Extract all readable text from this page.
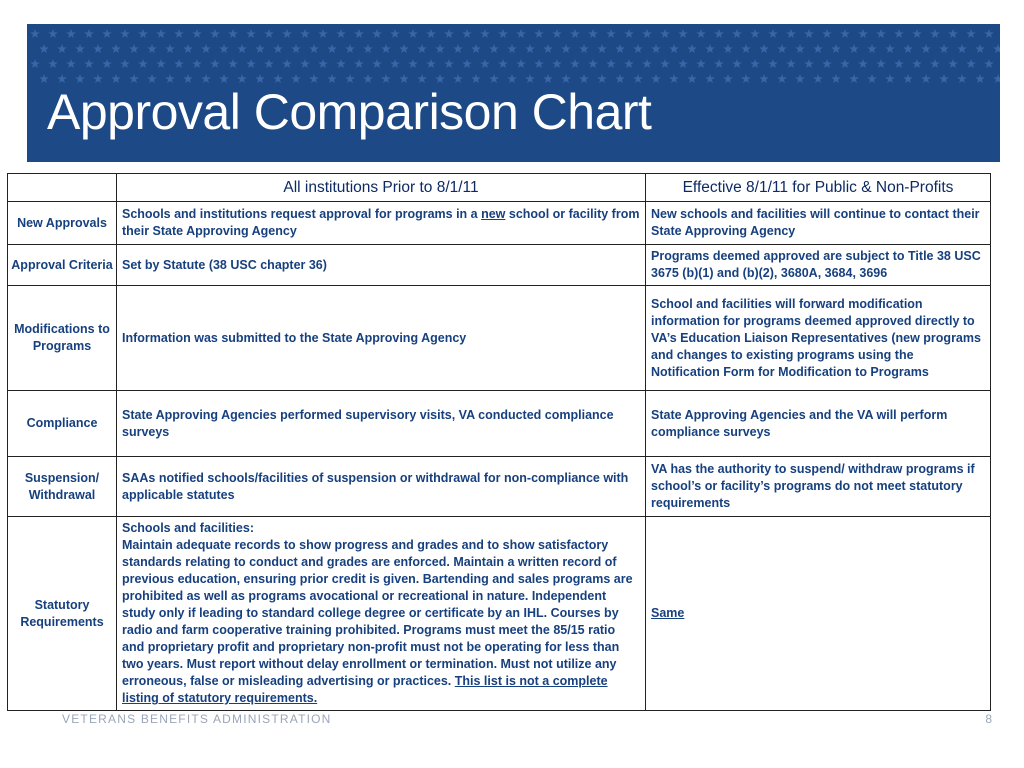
Approval Comparison Chart
	All institutions Prior to 8/1/11	Effective 8/1/11 for Public & Non-Profits
New Approvals	Schools and institutions request approval for programs in a new school or facility from their State Approving Agency	New schools and facilities will continue to contact their State Approving Agency
Approval Criteria	Set by Statute (38 USC chapter 36)	Programs deemed approved are subject to Title 38 USC 3675 (b)(1) and (b)(2), 3680A, 3684, 3696
Modifications to Programs	Information was submitted to the State Approving Agency	School and facilities will forward modification information for programs deemed approved directly to VA’s Education Liaison Representatives (new programs and changes to existing programs using the Notification Form for Modification to Programs
Compliance	State Approving Agencies performed supervisory visits, VA conducted compliance surveys	State Approving Agencies and the VA will perform compliance surveys
Suspension/ Withdrawal	SAAs notified schools/facilities of suspension or withdrawal for non-compliance with applicable statutes	VA has the authority to suspend/ withdraw programs if school’s or facility’s programs do not meet statutory requirements
Statutory Requirements	Schools and facilities:
Maintain adequate records to show progress and grades and to show satisfactory standards relating to conduct and grades are enforced. Maintain a written record of previous education, ensuring prior credit is given. Bartending and sales programs are prohibited as well as programs avocational or recreational in nature. Independent study only if leading to standard college degree or certificate by an IHL. Courses by radio and farm cooperative training prohibited. Programs must meet the 85/15 ratio and proprietary profit and proprietary non-profit must not be operating for less than two years. Must report without delay enrollment or termination. Must not utilize any erroneous, false or misleading advertising or practices. This list is not a complete listing of statutory requirements.	Same
VETERANS BENEFITS ADMINISTRATION	8
